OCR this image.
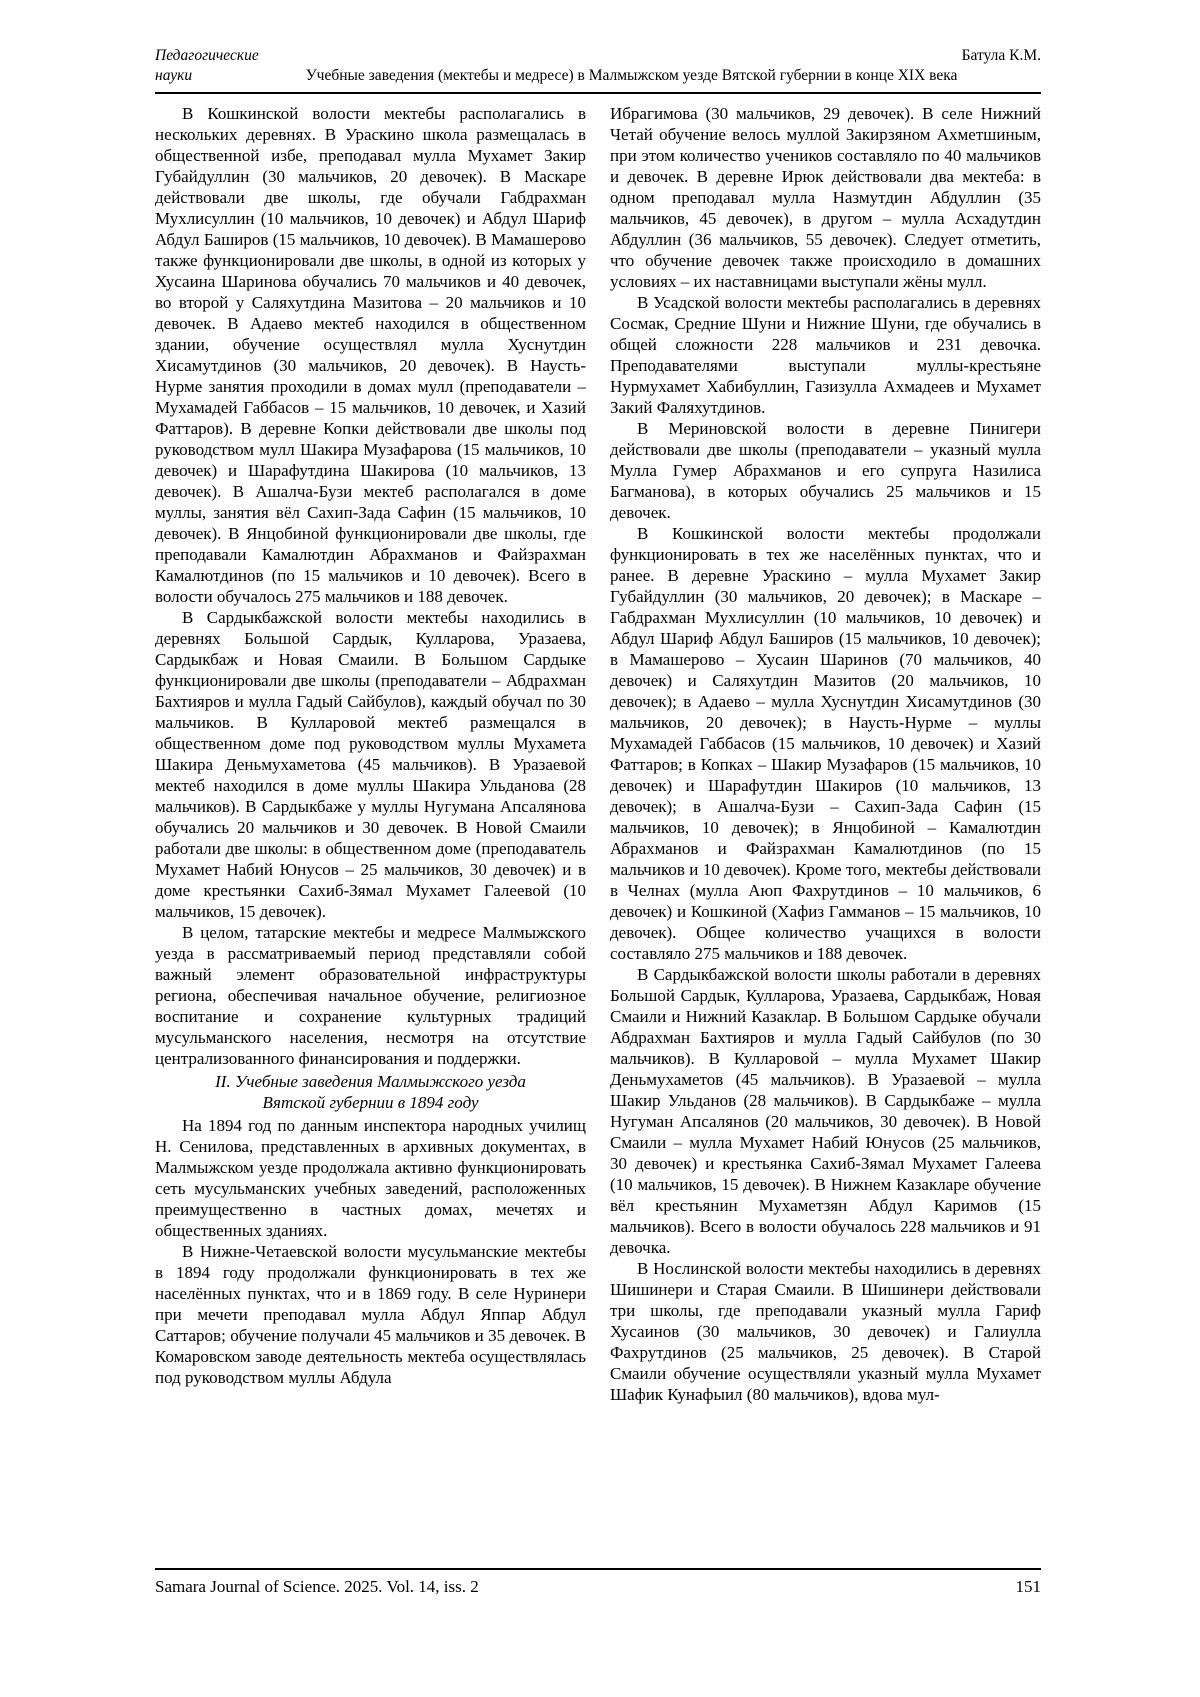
Педагогические	Батула К.М.
науки	Учебные заведения (мектебы и медресе) в Малмыжском уезде Вятской губернии в конце XIX века

В Кошкинской волости мектебы располагались в нескольких деревнях. В Ураскино школа размещалась в общественной избе, преподавал мулла Мухамет Закир Губайдуллин (30 мальчиков, 20 девочек). В Маскаре действовали две школы, где обучали Габдрахман Мухлисуллин (10 мальчиков, 10 девочек) и Абдул Шариф Абдул Баширов (15 мальчиков, 10 девочек). В Мамашерово также функционировали две школы, в одной из которых у Хусаина Шаринова обучались 70 мальчиков и 40 девочек, во второй у Саляхутдина Мазитова – 20 мальчиков и 10 девочек. В Адаево мектеб находился в общественном здании, обучение осуществлял мулла Хуснутдин Хисамутдинов (30 мальчиков, 20 девочек). В Наусть-Нурме занятия проходили в домах мулл (преподаватели – Мухамадей Габбасов – 15 мальчиков, 10 девочек, и Хазий Фаттаров). В деревне Копки действовали две школы под руководством мулл Шакира Музафарова (15 мальчиков, 10 девочек) и Шарафутдина Шакирова (10 мальчиков, 13 девочек). В Ашалча-Бузи мектеб располагался в доме муллы, занятия вёл Сахип-Зада Сафин (15 мальчиков, 10 девочек). В Янцобиной функционировали две школы, где преподавали Камалютдин Абрахманов и Файзрахман Камалютдинов (по 15 мальчиков и 10 девочек). Всего в волости обучалось 275 мальчиков и 188 девочек.

В Сардыкбажской волости мектебы находились в деревнях Большой Сардык, Кулларова, Уразаева, Сардыкбаж и Новая Смаили. В Большом Сардыке функционировали две школы (преподаватели – Абдрахман Бахтияров и мулла Гадый Сайбулов), каждый обучал по 30 мальчиков. В Кулларовой мектеб размещался в общественном доме под руководством муллы Мухамета Шакира Деньмухаметова (45 мальчиков). В Уразаевой мектеб находился в доме муллы Шакира Ульданова (28 мальчиков). В Сардыкбаже у муллы Нугумана Апсалянова обучались 20 мальчиков и 30 девочек. В Новой Смаили работали две школы: в общественном доме (преподаватель Мухамет Набий Юнусов – 25 мальчиков, 30 девочек) и в доме крестьянки Сахиб-Зямал Мухамет Галеевой (10 мальчиков, 15 девочек).

В целом, татарские мектебы и медресе Малмыжского уезда в рассматриваемый период представляли собой важный элемент образовательной инфраструктуры региона, обеспечивая начальное обучение, религиозное воспитание и сохранение культурных традиций мусульманского населения, несмотря на отсутствие централизованного финансирования и поддержки.

II. Учебные заведения Малмыжского уезда
Вятской губернии в 1894 году

На 1894 год по данным инспектора народных училищ Н. Сенилова, представленных в архивных документах, в Малмыжском уезде продолжала активно функционировать сеть мусульманских учебных заведений, расположенных преимущественно в частных домах, мечетях и общественных зданиях.

В Нижне-Четаевской волости мусульманские мектебы в 1894 году продолжали функционировать в тех же населённых пунктах, что и в 1869 году. В селе Нуринери при мечети преподавал мулла Абдул Яппар Абдул Саттаров; обучение получали 45 мальчиков и 35 девочек. В Комаровском заводе деятельность мектеба осуществлялась под руководством муллы Абдула

Ибрагимова (30 мальчиков, 29 девочек). В селе Нижний Четай обучение велось муллой Закирзяном Ахметшиным, при этом количество учеников составляло по 40 мальчиков и девочек. В деревне Ирюк действовали два мектеба: в одном преподавал мулла Назмутдин Абдуллин (35 мальчиков, 45 девочек), в другом – мулла Асхадутдин Абдуллин (36 мальчиков, 55 девочек). Следует отметить, что обучение девочек также происходило в домашних условиях – их наставницами выступали жёны мулл.

В Усадской волости мектебы располагались в деревнях Сосмак, Средние Шуни и Нижние Шуни, где обучались в общей сложности 228 мальчиков и 231 девочка. Преподавателями выступали муллы-крестьяне Нурмухамет Хабибуллин, Газизулла Ахмадеев и Мухамет Закий Фаляхутдинов.

В Мериновской волости в деревне Пинигери действовали две школы (преподаватели – указный мулла Мулла Гумер Абрахманов и его супруга Назилиса Багманова), в которых обучались 25 мальчиков и 15 девочек.

В Кошкинской волости мектебы продолжали функционировать в тех же населённых пунктах, что и ранее. В деревне Ураскино – мулла Мухамет Закир Губайдуллин (30 мальчиков, 20 девочек); в Маскаре – Габдрахман Мухлисуллин (10 мальчиков, 10 девочек) и Абдул Шариф Абдул Баширов (15 мальчиков, 10 девочек); в Мамашерово – Хусаин Шаринов (70 мальчиков, 40 девочек) и Саляхутдин Мазитов (20 мальчиков, 10 девочек); в Адаево – мулла Хуснутдин Хисамутдинов (30 мальчиков, 20 девочек); в Наусть-Нурме – муллы Мухамадей Габбасов (15 мальчиков, 10 девочек) и Хазий Фаттаров; в Копках – Шакир Музафаров (15 мальчиков, 10 девочек) и Шарафутдин Шакиров (10 мальчиков, 13 девочек); в Ашалча-Бузи – Сахип-Зада Сафин (15 мальчиков, 10 девочек); в Янцобиной – Камалютдин Абрахманов и Файзрахман Камалютдинов (по 15 мальчиков и 10 девочек). Кроме того, мектебы действовали в Челнах (мулла Аюп Фахрутдинов – 10 мальчиков, 6 девочек) и Кошкиной (Хафиз Гамманов – 15 мальчиков, 10 девочек). Общее количество учащихся в волости составляло 275 мальчиков и 188 девочек.

В Сардыкбажской волости школы работали в деревнях Большой Сардык, Кулларова, Уразаева, Сардыкбаж, Новая Смаили и Нижний Казаклар. В Большом Сардыке обучали Абдрахман Бахтияров и мулла Гадый Сайбулов (по 30 мальчиков). В Кулларовой – мулла Мухамет Шакир Деньмухаметов (45 мальчиков). В Уразаевой – мулла Шакир Ульданов (28 мальчиков). В Сардыкбаже – мулла Нугуман Апсалянов (20 мальчиков, 30 девочек). В Новой Смаили – мулла Мухамет Набий Юнусов (25 мальчиков, 30 девочек) и крестьянка Сахиб-Зямал Мухамет Галеева (10 мальчиков, 15 девочек). В Нижнем Казакларе обучение вёл крестьянин Мухаметзян Абдул Каримов (15 мальчиков). Всего в волости обучалось 228 мальчиков и 91 девочка.

В Нослинской волости мектебы находились в деревнях Шишинери и Старая Смаили. В Шишинери действовали три школы, где преподавали указный мулла Гариф Хусаинов (30 мальчиков, 30 девочек) и Галиулла Фахрутдинов (25 мальчиков, 25 девочек). В Старой Смаили обучение осуществляли указный мулла Мухамет Шафик Кунафыил (80 мальчиков), вдова мул-

Samara Journal of Science. 2025. Vol. 14, iss. 2	151
